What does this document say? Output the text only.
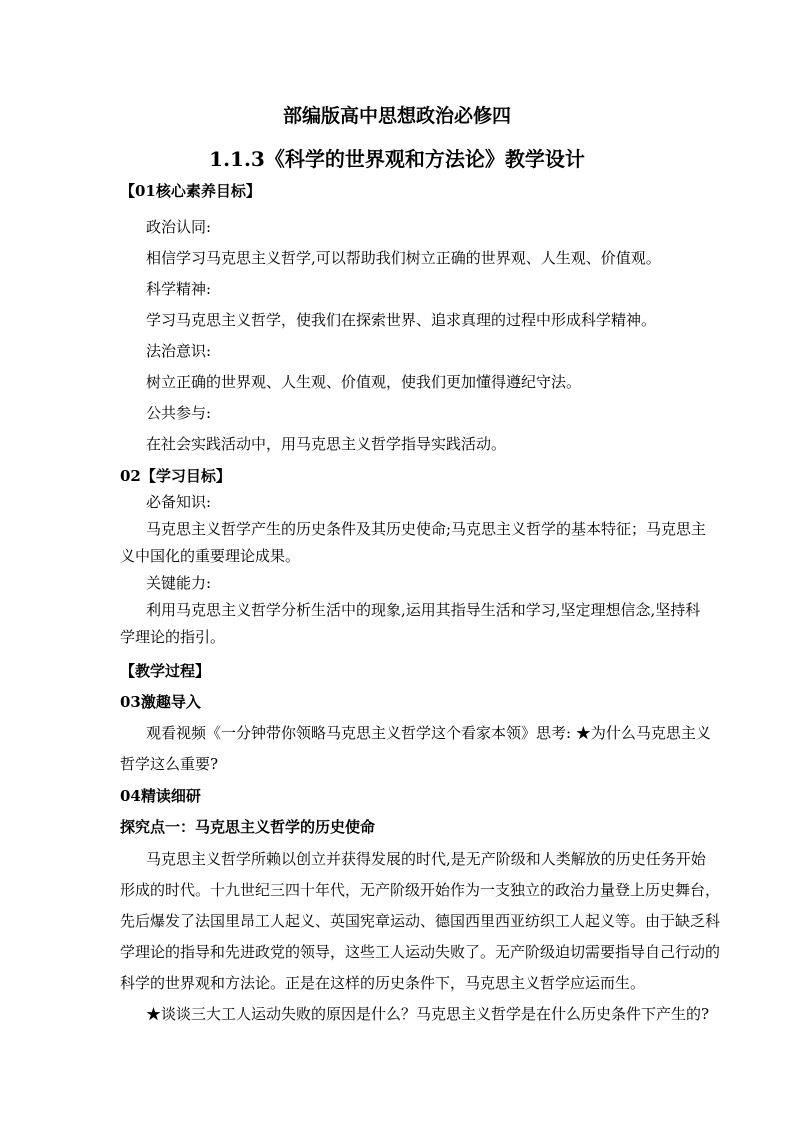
部编版高中思想政治必修四
1.1.3《科学的世界观和方法论》教学设计
【01核心素养目标】
政治认同:
相信学习马克思主义哲学,可以帮助我们树立正确的世界观、人生观、价值观。
科学精神:
学习马克思主义哲学，使我们在探索世界、追求真理的过程中形成科学精神。
法治意识:
树立正确的世界观、人生观、价值观，使我们更加懂得遵纪守法。
公共参与:
在社会实践活动中，用马克思主义哲学指导实践活动。
02【学习目标】
必备知识:
马克思主义哲学产生的历史条件及其历史使命;马克思主义哲学的基本特征；马克思主
义中国化的重要理论成果。
关键能力:
利用马克思主义哲学分析生活中的现象,运用其指导生活和学习,坚定理想信念,坚持科
学理论的指引。
【教学过程】
03激趣导入
观看视频《一分钟带你领略马克思主义哲学这个看家本领》思考: ★为什么马克思主义
哲学这么重要?
04精读细研
探究点一：马克思主义哲学的历史使命
马克思主义哲学所赖以创立并获得发展的时代,是无产阶级和人类解放的历史任务开始
形成的时代。十九世纪三四十年代，无产阶级开始作为一支独立的政治力量登上历史舞台，
先后爆发了法国里昂工人起义、英国宪章运动、德国西里西亚纺织工人起义等。由于缺乏科
学理论的指导和先进政党的领导，这些工人运动失败了。无产阶级迫切需要指导自己行动的
科学的世界观和方法论。正是在这样的历史条件下，马克思主义哲学应运而生。
★谈谈三大工人运动失败的原因是什么？马克思主义哲学是在什么历史条件下产生的?
